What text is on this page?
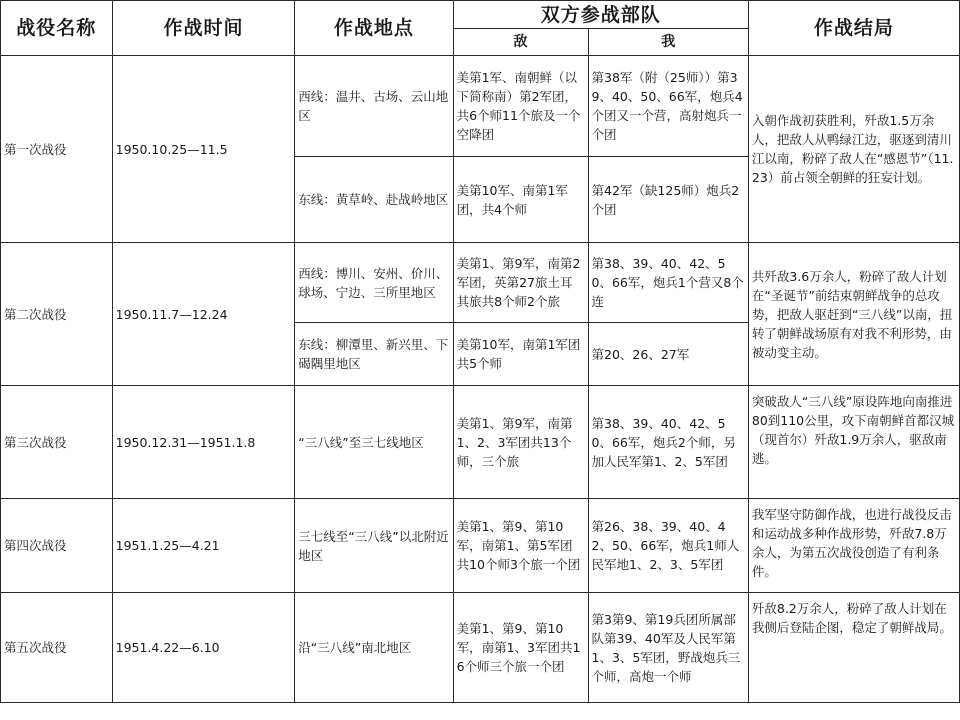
战役名称	作战时间	作战地点	双方参战部队		作战结局
			敌	我	
第一次战役	1950.10.25—11.5	西线：温井、古场、云山地区	美第1军、南朝鲜（以下简称南）第2军团，共6个师11个旅及一个空降团	第38军（附（25师））第39、40、50、66军，炮兵4个团又一个营，高射炮兵一个团	入朝作战初获胜利，歼敌1.5万余人，把敌人从鸭绿江边，驱逐到清川江以南，粉碎了敌人在“感恩节”（11.23）前占领全朝鲜的狂妄计划。
		东线：黄草岭、赴战岭地区	美第10军、南第1军团，共4个师	第42军（缺125师）炮兵2个团	
第二次战役	1950.11.7—12.24	西线：博川、安州、价川、球场、宁边、三所里地区	美第1、第9军，南第2军团，英第27旅土耳其旅共8个师2个旅	第38、39、40、42、50、66军，炮兵1个营又8个连	共歼敌3.6万余人，粉碎了敌人计划在“圣诞节”前结束朝鲜战争的总攻势，把敌人驱赶到“三八线”以南，扭转了朝鲜战场原有对我不利形势，由被动变主动。
		东线：柳潭里、新兴里、下碣隅里地区	美第10军，南第1军团共5个师	第20、26、27军	
第三次战役	1950.12.31—1951.1.8	“三八线”至三七线地区	美第1、第9军，南第1、2、3军团共13个师，三个旅	第38、39、40、42、50、66军，炮兵2个师，另加人民军第1、2、5军团	突破敌人“三八线”原设阵地向南推进80到110公里，攻下南朝鲜首都汉城（现首尔）歼敌1.9万余人，驱敌南逃。
第四次战役	1951.1.25—4.21	三七线至“三八线”以北附近地区	美第1、第9、第10军，南第1、第5军团共10个师3个旅一个团	第26、38、39、40、42、50、66军，炮兵1师人民军地1、2、3、5军团	我军坚守防御作战，也进行战役反击和运动战多种作战形势，歼敌7.8万余人，为第五次战役创造了有利条件。
第五次战役	1951.4.22—6.10	沿“三八线”南北地区	美第1、第9、第10军，南第1、3军团共16个师三个旅一个团	第3第9、第19兵团所属部队第39、40军及人民军第1、3、5军团，野战炮兵三个师，高炮一个师	歼敌8.2万余人，粉碎了敌人计划在我侧后登陆企图，稳定了朝鲜战局。
